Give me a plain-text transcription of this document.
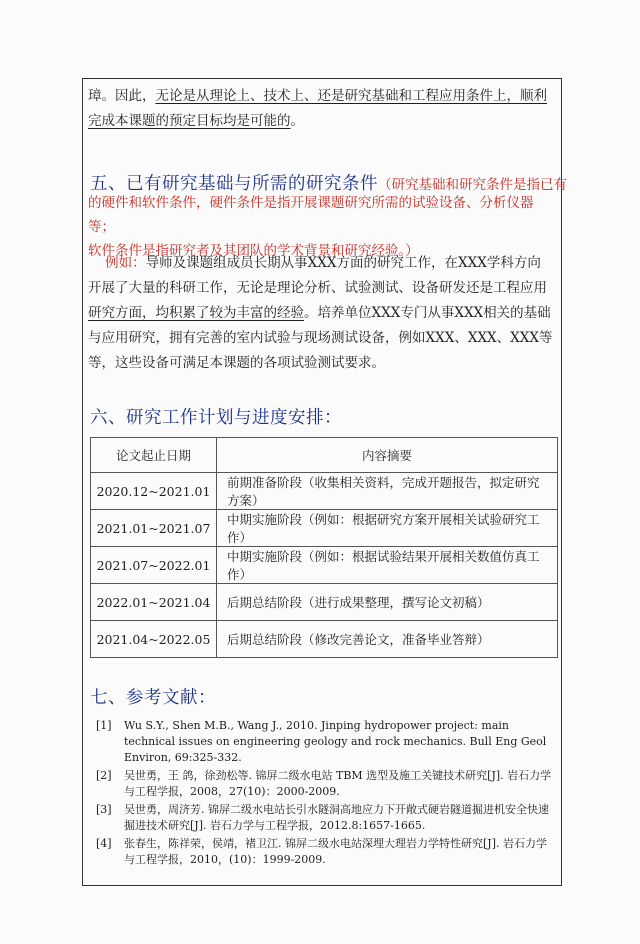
璋。因此，无论是从理论上、技术上、还是研究基础和工程应用条件上，顺利
完成本课题的预定目标均是可能的。

五、已有研究基础与所需的研究条件（研究基础和研究条件是指已有

的硬件和软件条件，硬件条件是指开展课题研究所需的试验设备、分析仪器等；
软件条件是指研究者及其团队的学术背景和研究经验。）

例如：导师及课题组成员长期从事XXX方面的研究工作，在XXX学科方向
开展了大量的科研工作，无论是理论分析、试验测试、设备研发还是工程应用
研究方面，均积累了较为丰富的经验。培养单位XXX专门从事XXX相关的基础
与应用研究，拥有完善的室内试验与现场测试设备，例如XXX、XXX、XXX等
等，这些设备可满足本课题的各项试验测试要求。

六、研究工作计划与进度安排：
论文起止日期	内容摘要
2020.12~2021.01	前期准备阶段（收集相关资料，完成开题报告，拟定研究方案）
2021.01~2021.07	中期实施阶段（例如：根据研究方案开展相关试验研究工作）
2021.07~2022.01	中期实施阶段（例如：根据试验结果开展相关数值仿真工作）
2022.01~2021.04	后期总结阶段（进行成果整理，撰写论文初稿）
2021.04~2022.05	后期总结阶段（修改完善论文，准备毕业答辩）
七、参考文献：
[1]	Wu S.Y., Shen M.B., Wang J., 2010. Jinping hydropower project: main technical issues on engineering geology and rock mechanics. Bull Eng Geol Environ, 69:325-332.
[2]	吴世勇，王 鸽，徐劲松等. 锦屏二级水电站 TBM 选型及施工关键技术研究[J]. 岩石力学与工程学报，2008，27(10)：2000-2009.
[3]	吴世勇，周济芳. 锦屏二级水电站长引水隧洞高地应力下开敞式硬岩隧道掘进机安全快速掘进技术研究[J]. 岩石力学与工程学报，2012.8:1657-1665.
[4]	张春生，陈祥荣，侯靖，褚卫江. 锦屏二级水电站深埋大理岩力学特性研究[J]. 岩石力学与工程学报，2010，(10)：1999-2009.
